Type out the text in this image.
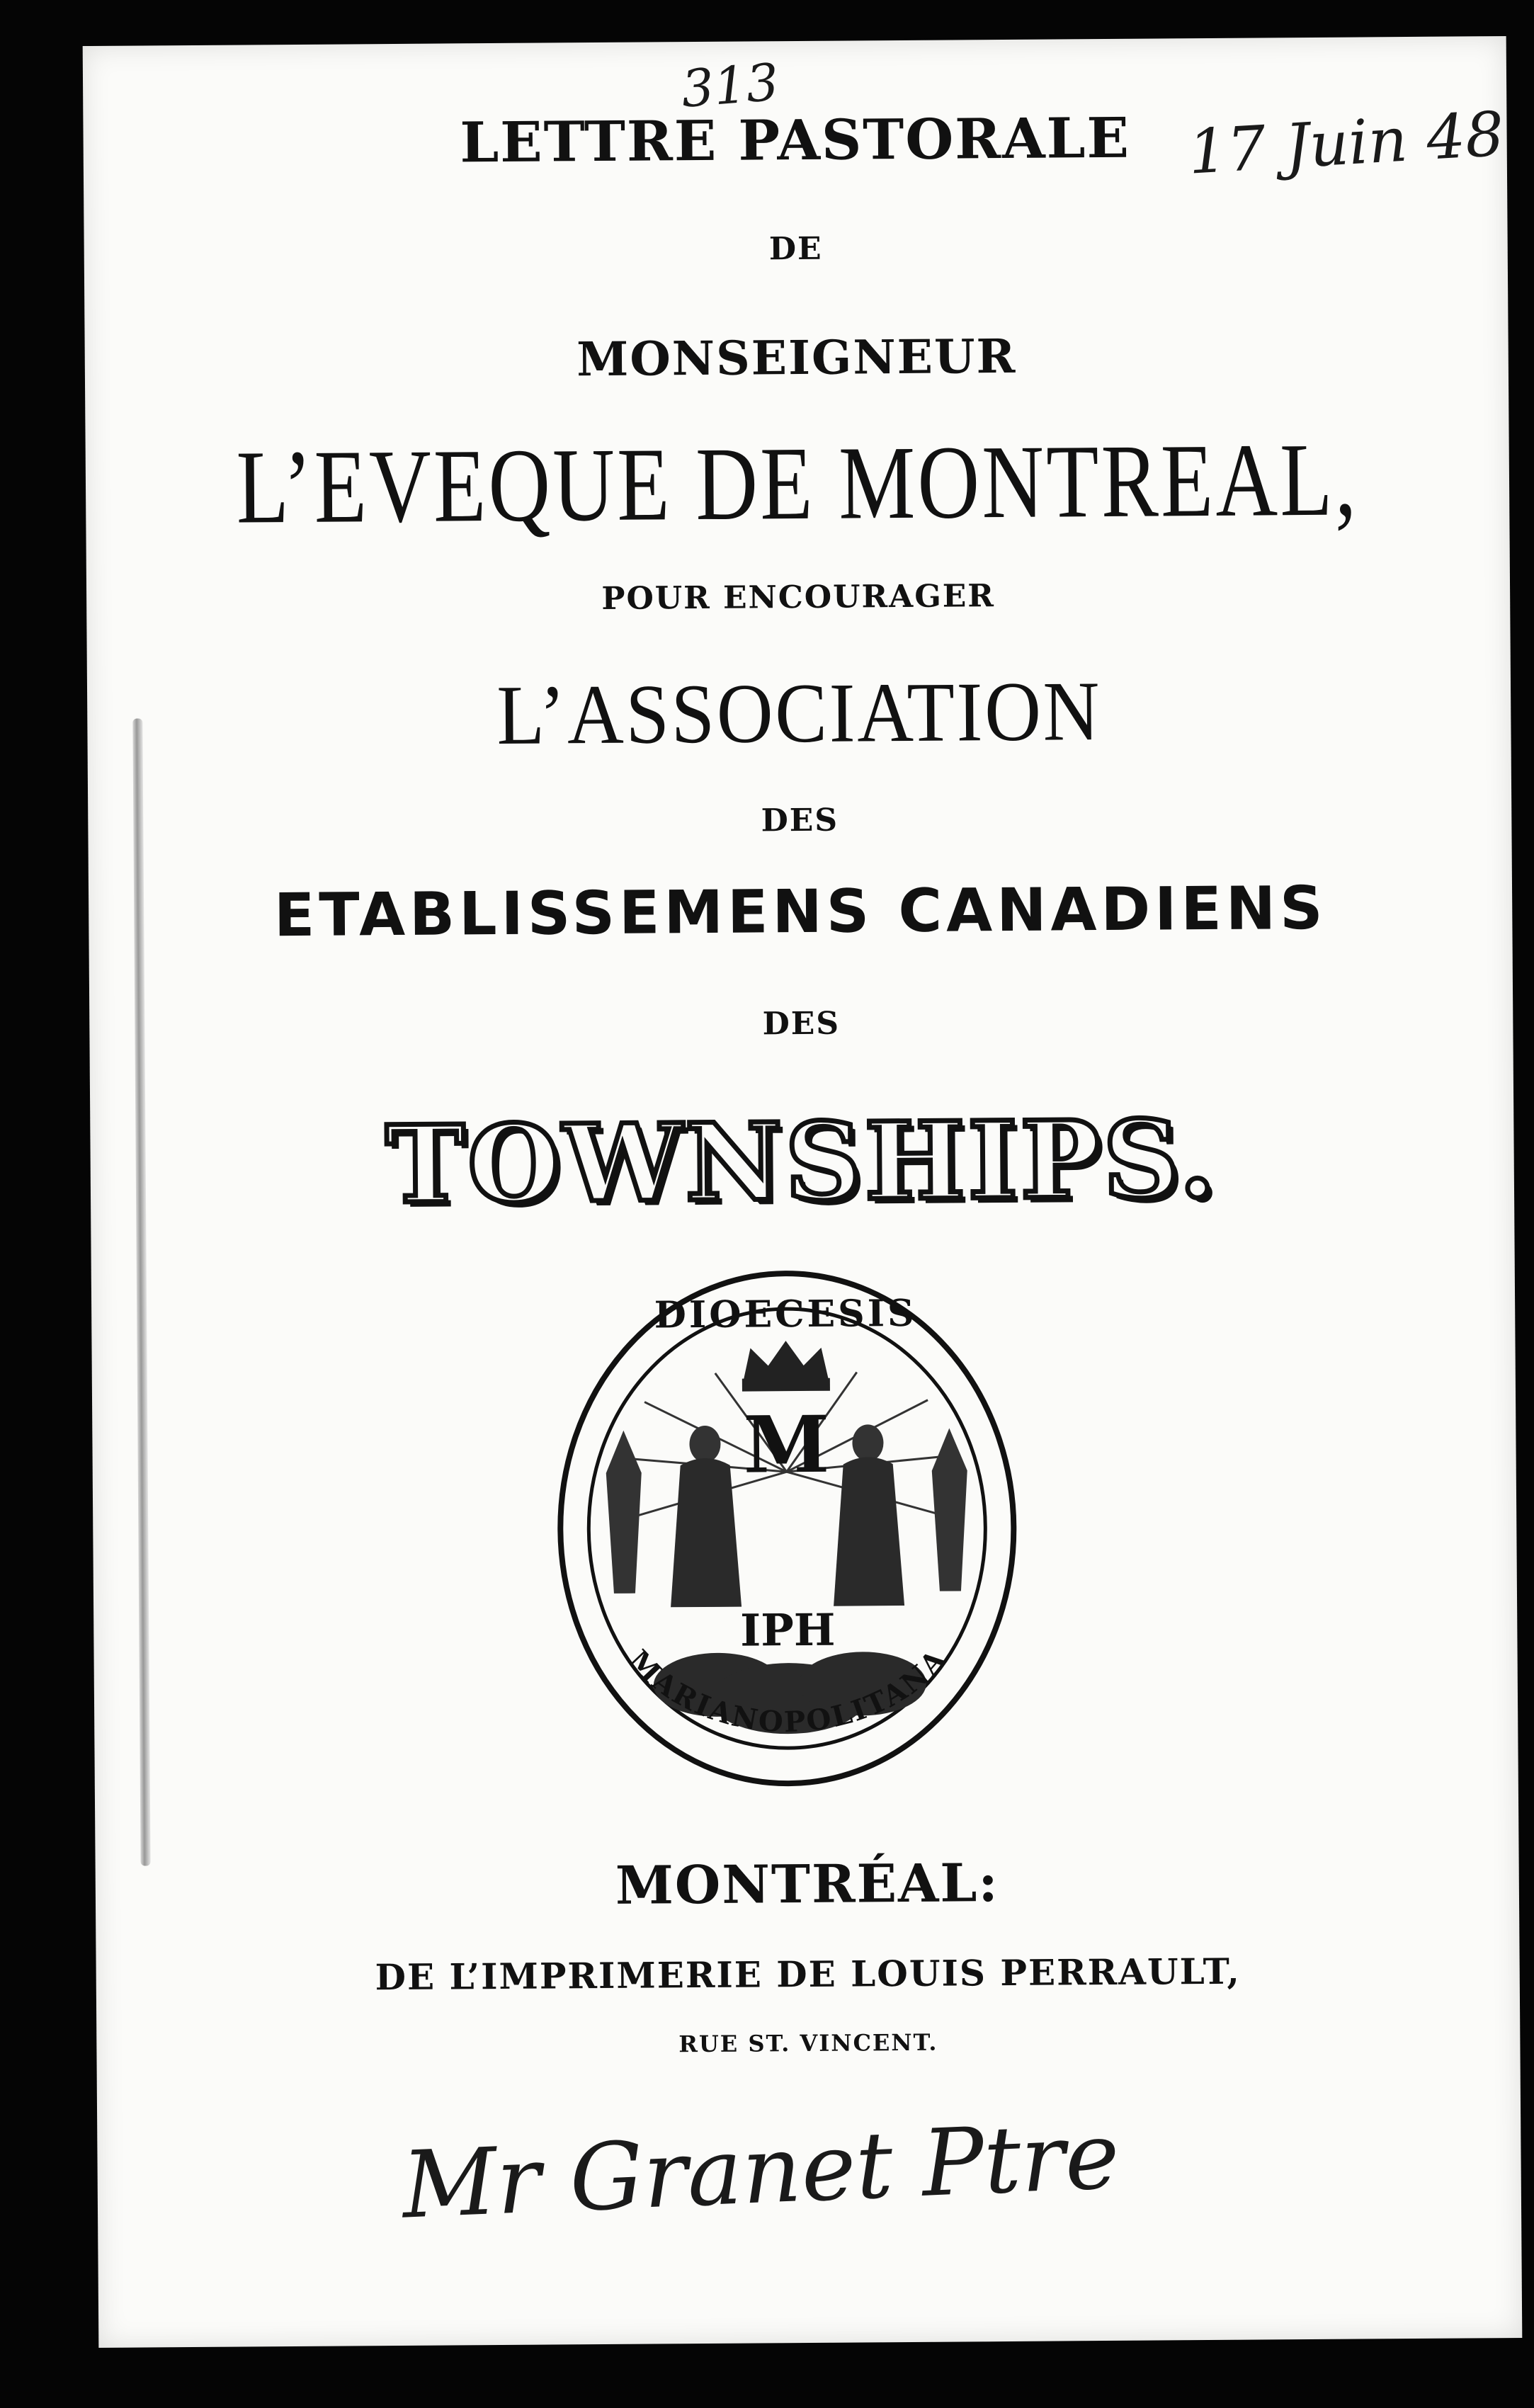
313
17 Juin 48
LETTRE PASTORALE
DE
MONSEIGNEUR
L’EVEQUE DE MONTREAL,
POUR ENCOURAGER
L’ASSOCIATION
DES
ETABLISSEMENS CANADIENS
DES
TOWNSHIPS.
DIOECESIS
M
IPH
MARIANOPOLITANA
MONTRÉAL:
DE L’IMPRIMERIE DE LOUIS PERRAULT,
RUE ST. VINCENT.
Mr Granet Ptre
